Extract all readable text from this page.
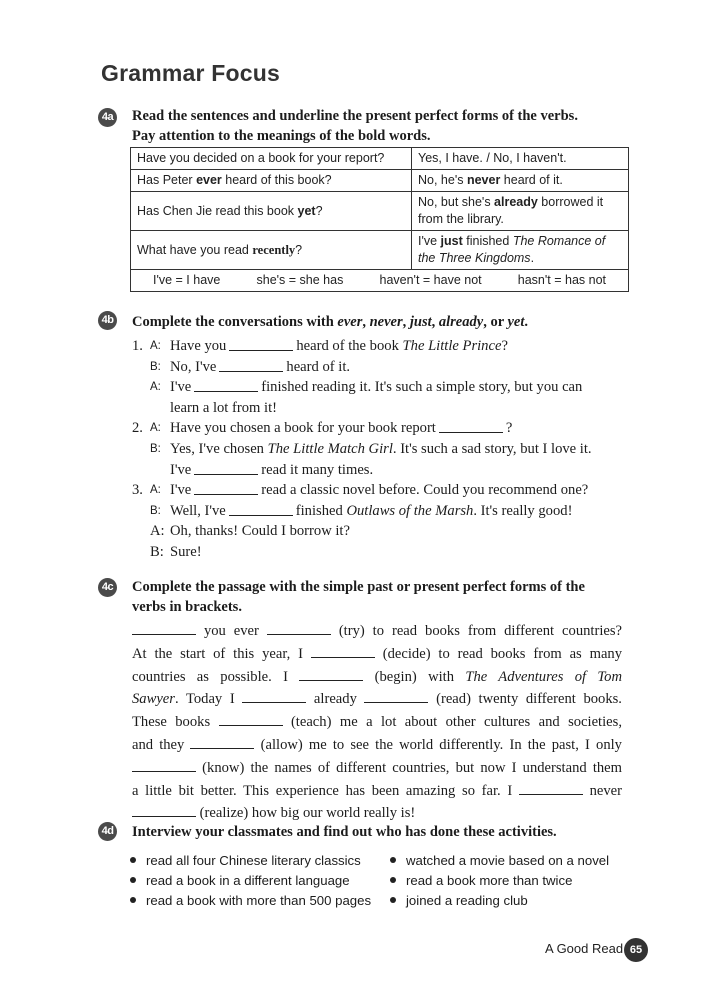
Grammar Focus
4a Read the sentences and underline the present perfect forms of the verbs.
Pay attention to the meanings of the bold words.
Have you decided on a book for your report?	Yes, I have. / No, I haven't.
Has Peter ever heard of this book?	No, he's never heard of it.
Has Chen Jie read this book yet?	No, but she's already borrowed it from the library.
What have you read recently?	I've just finished The Romance of the Three Kingdoms.

I've = I have she's = she has haven't = have not hasn't = has not	
4b Complete the conversations with ever, never, just, already, or yet.
1. A: Have you	heard of the book
The Little Prince ?
B: No, I've	heard of it.
A: I've	finished reading it. It's such a simple story, but you can
learn a lot from it!
2. A: Have you chosen a book for your book report	?
B: Yes, I've chosen
The Little Match Girl . It's such a sad story, but I love it.
I've	read it many times.
3. A: I've	read a classic novel before. Could you recommend one?
B: Well, I've	finished
Outlaws of the Marsh . It's really good!
A: Oh, thanks! Could I borrow it?
B: Sure!
4c Complete the passage with the simple past or present perfect forms of the
verbs in brackets.
you ever	(try) to read books from different countries?
At the start of this year, I	(decide) to read books from as many
countries as possible. I	(begin) with The Adventures of Tom
Sawyer. Today I	already	(read) twenty different books.
These books	(teach) me a lot about other cultures and societies,
and they	(allow) me to see the world differently. In the past, I only
(know) the names of different countries, but now I understand them
a little bit better. This experience has been amazing so far. I	never
(realize) how big our world really is!
4d Interview your classmates and find out who has done these activities.
read all four Chinese literary classics	watched a movie based on a novel
read a book in a different language	read a book more than twice
read a book with more than 500 pages	joined a reading club
A Good Read 65
